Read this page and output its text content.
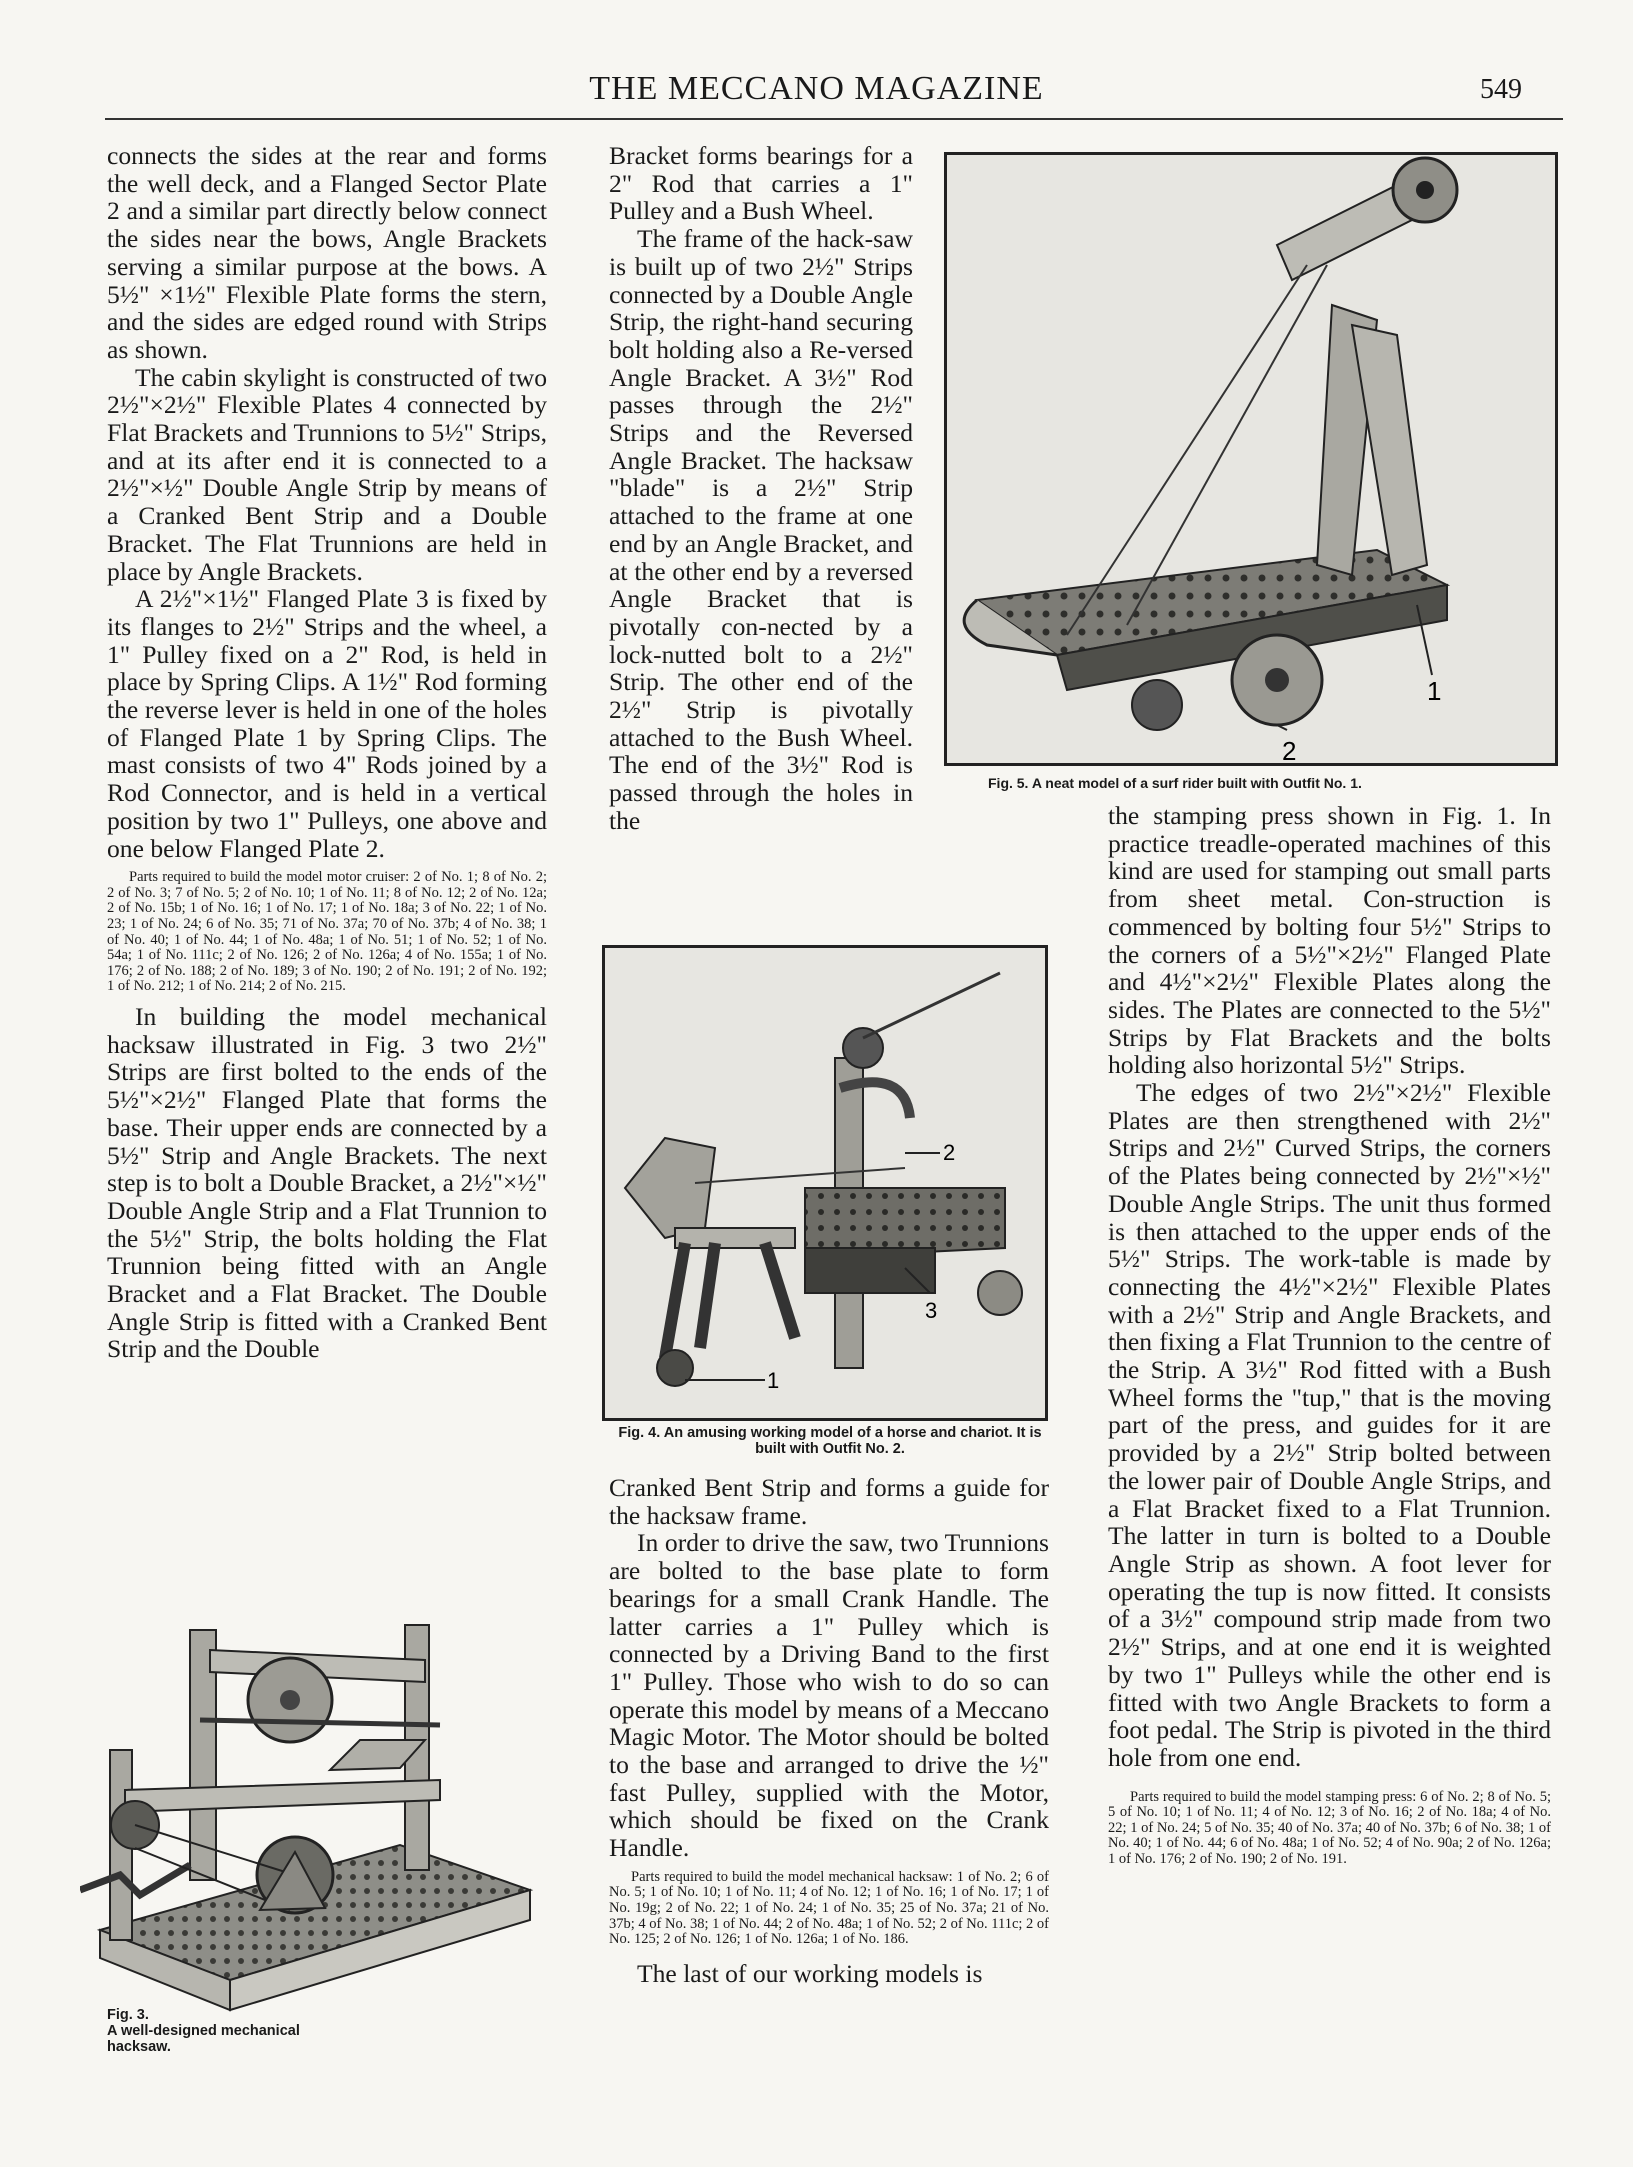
THE MECCANO MAGAZINE	549

connects the sides at the rear and forms the well deck, and a Flanged Sector Plate 2 and a similar part directly below connect the sides near the bows, Angle Brackets serving a similar purpose at the bows. A 5½" ×1½" Flexible Plate forms the stern, and the sides are edged round with Strips as shown.

The cabin skylight is constructed of two 2½"×2½" Flexible Plates 4 connected by Flat Brackets and Trunnions to 5½" Strips, and at its after end it is connected to a 2½"×½" Double Angle Strip by means of a Cranked Bent Strip and a Double Bracket. The Flat Trunnions are held in place by Angle Brackets.

A 2½"×1½" Flanged Plate 3 is fixed by its flanges to 2½" Strips and the wheel, a 1" Pulley fixed on a 2" Rod, is held in place by Spring Clips. A 1½" Rod forming the reverse lever is held in one of the holes of Flanged Plate 1 by Spring Clips. The mast consists of two 4" Rods joined by a Rod Connector, and is held in a vertical position by two 1" Pulleys, one above and one below Flanged Plate 2.

Parts required to build the model motor cruiser: 2 of No. 1; 8 of No. 2; 2 of No. 3; 7 of No. 5; 2 of No. 10; 1 of No. 11; 8 of No. 12; 2 of No. 12a; 2 of No. 15b; 1 of No. 16; 1 of No. 17; 1 of No. 18a; 3 of No. 22; 1 of No. 23; 1 of No. 24; 6 of No. 35; 71 of No. 37a; 70 of No. 37b; 4 of No. 38; 1 of No. 40; 1 of No. 44; 1 of No. 48a; 1 of No. 51; 1 of No. 52; 1 of No. 54a; 1 of No. 111c; 2 of No. 126; 2 of No. 126a; 4 of No. 155a; 1 of No. 176; 2 of No. 188; 2 of No. 189; 3 of No. 190; 2 of No. 191; 2 of No. 192; 1 of No. 212; 1 of No. 214; 2 of No. 215.

In building the model mechanical hacksaw illustrated in Fig. 3 two 2½" Strips are first bolted to the ends of the 5½"×2½" Flanged Plate that forms the base. Their upper ends are connected by a 5½" Strip and Angle Brackets. The next step is to bolt a Double Bracket, a 2½"×½" Double Angle Strip and a Flat Trunnion to the 5½" Strip, the bolts holding the Flat Trunnion being fitted with an Angle Bracket and a Flat Bracket. The Double Angle Strip is fitted with a Cranked Bent Strip and the Double

Fig. 3.
A well-designed mechanical hacksaw.

Bracket forms bearings for a 2" Rod that carries a 1" Pulley and a Bush Wheel.

The frame of the hack-saw is built up of two 2½" Strips connected by a Double Angle Strip, the right-hand securing bolt holding also a Re-versed Angle Bracket. A 3½" Rod passes through the 2½" Strips and the Reversed Angle Bracket. The hacksaw "blade" is a 2½" Strip attached to the frame at one end by an Angle Bracket, and at the other end by a reversed Angle Bracket that is pivotally con-nected by a lock-nutted bolt to a 2½" Strip. The other end of the 2½" Strip is pivotally attached to the Bush Wheel. The end of the 3½" Rod is passed through the holes in the

1
2
Fig. 5. A neat model of a surf rider built with Outfit No. 1.
2
3
1
Fig. 4. An amusing working model of a horse and chariot. It is built with Outfit No. 2.

Cranked Bent Strip and forms a guide for the hacksaw frame.

In order to drive the saw, two Trunnions are bolted to the base plate to form bearings for a small Crank Handle. The latter carries a 1" Pulley which is connected by a Driving Band to the first 1" Pulley. Those who wish to do so can operate this model by means of a Meccano Magic Motor. The Motor should be bolted to the base and arranged to drive the ½" fast Pulley, supplied with the Motor, which should be fixed on the Crank Handle.

Parts required to build the model mechanical hacksaw: 1 of No. 2; 6 of No. 5; 1 of No. 10; 1 of No. 11; 4 of No. 12; 1 of No. 16; 1 of No. 17; 1 of No. 19g; 2 of No. 22; 1 of No. 24; 1 of No. 35; 25 of No. 37a; 21 of No. 37b; 4 of No. 38; 1 of No. 44; 2 of No. 48a; 1 of No. 52; 2 of No. 111c; 2 of No. 125; 2 of No. 126; 1 of No. 126a; 1 of No. 186.

The last of our working models is

the stamping press shown in Fig. 1. In practice treadle-operated machines of this kind are used for stamping out small parts from sheet metal. Con-struction is commenced by bolting four 5½" Strips to the corners of a 5½"×2½" Flanged Plate and 4½"×2½" Flexible Plates along the sides. The Plates are connected to the 5½" Strips by Flat Brackets and the bolts holding also horizontal 5½" Strips.

The edges of two 2½"×2½" Flexible Plates are then strengthened with 2½" Strips and 2½" Curved Strips, the corners of the Plates being connected by 2½"×½" Double Angle Strips. The unit thus formed is then attached to the upper ends of the 5½" Strips. The work-table is made by connecting the 4½"×2½" Flexible Plates with a 2½" Strip and Angle Brackets, and then fixing a Flat Trunnion to the centre of the Strip. A 3½" Rod fitted with a Bush Wheel forms the "tup," that is the moving part of the press, and guides for it are provided by a 2½" Strip bolted between the lower pair of Double Angle Strips, and a Flat Bracket fixed to a Flat Trunnion. The latter in turn is bolted to a Double Angle Strip as shown. A foot lever for operating the tup is now fitted. It consists of a 3½" compound strip made from two 2½" Strips, and at one end it is weighted by two 1" Pulleys while the other end is fitted with two Angle Brackets to form a foot pedal. The Strip is pivoted in the third hole from one end.

Parts required to build the model stamping press: 6 of No. 2; 8 of No. 5; 5 of No. 10; 1 of No. 11; 4 of No. 12; 3 of No. 16; 2 of No. 18a; 4 of No. 22; 1 of No. 24; 5 of No. 35; 40 of No. 37a; 40 of No. 37b; 6 of No. 38; 1 of No. 40; 1 of No. 44; 6 of No. 48a; 1 of No. 52; 4 of No. 90a; 2 of No. 126a; 1 of No. 176; 2 of No. 190; 2 of No. 191.
